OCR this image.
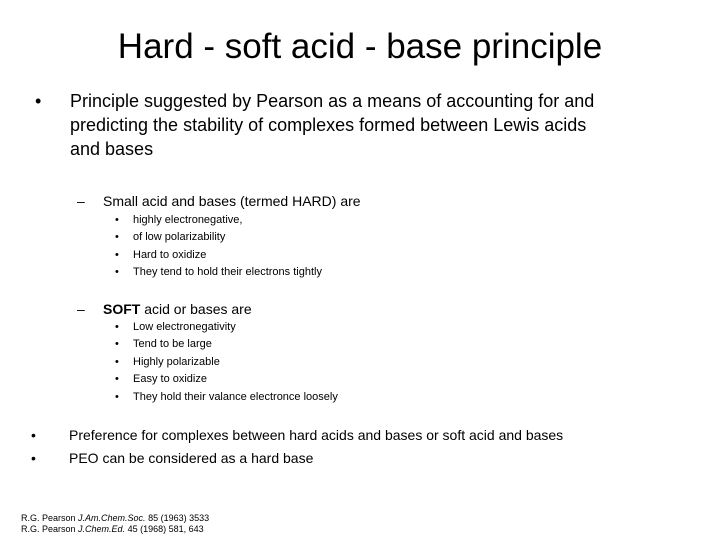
Hard - soft acid - base principle
• Principle suggested by Pearson as a means of accounting for and
predicting the stability of complexes formed between Lewis acids
and bases
– Small acid and bases (termed HARD) are
• highly electronegative,
• of low polarizability
• Hard to oxidize
• They tend to hold their electrons tightly
– SOFT acid or bases are
• Low electronegativity
• Tend to be large
• Highly polarizable
• Easy to oxidize
• They hold their valance electronce loosely
• Preference for complexes between hard acids and bases or soft acid and bases
• PEO can be considered as a hard base
R.G. Pearson J.Am.Chem.Soc. 85 (1963) 3533
R.G. Pearson J.Chem.Ed. 45 (1968) 581, 643
